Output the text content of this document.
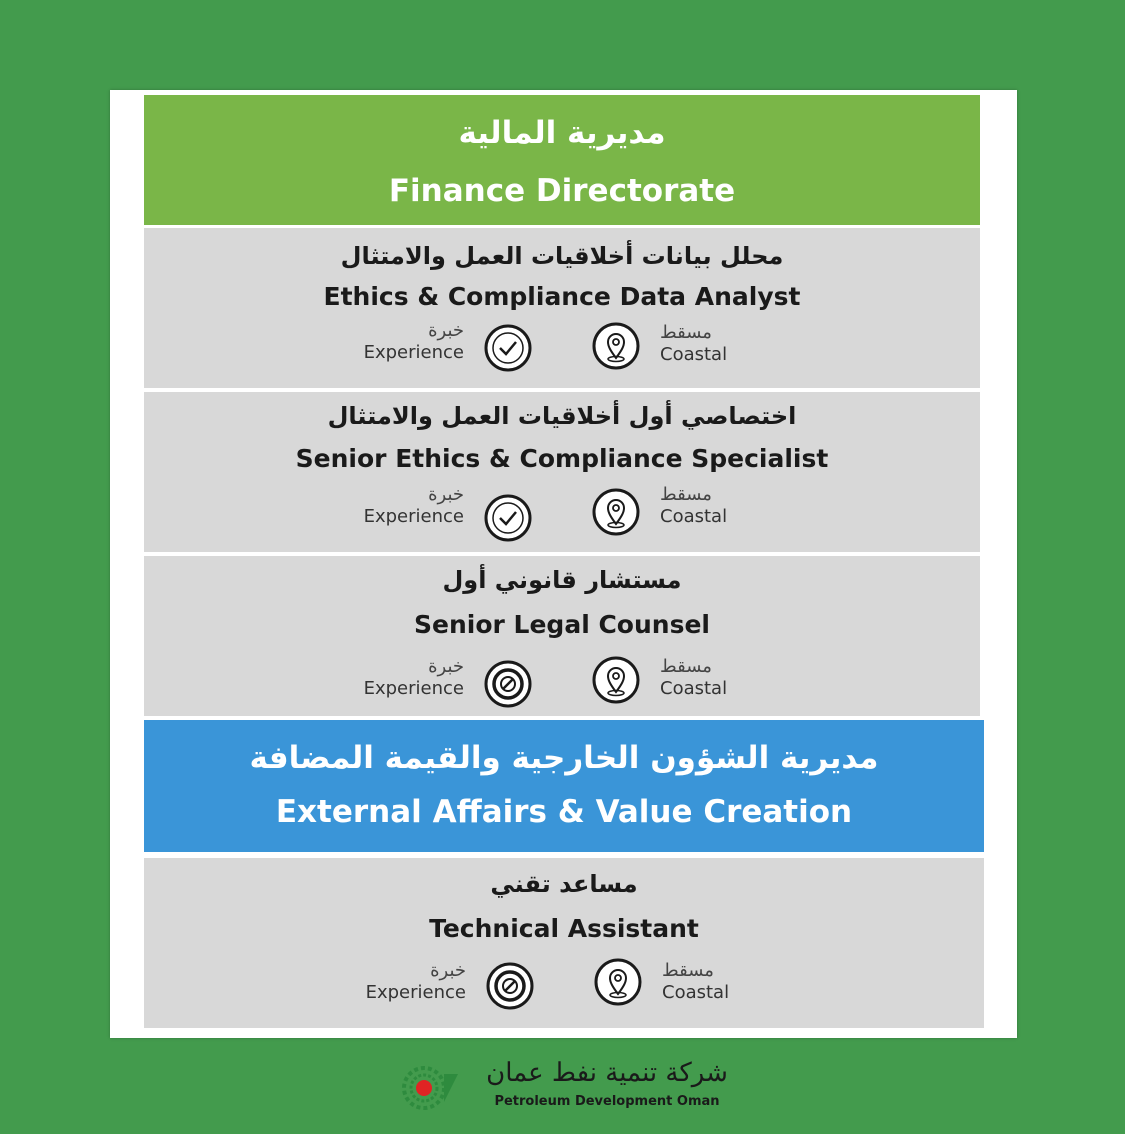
مديرية المالية
Finance Directorate
محلل بيانات أخلاقيات العمل والامتثال
Ethics & Compliance Data Analyst
خبرة
Experience
مسقط
Coastal
اختصاصي أول أخلاقيات العمل والامتثال
Senior Ethics & Compliance Specialist
خبرة
Experience
مسقط
Coastal
مستشار قانوني أول
Senior Legal Counsel
خبرة
Experience
مسقط
Coastal
مديرية الشؤون الخارجية والقيمة المضافة
External Affairs & Value Creation
مساعد تقني
Technical Assistant
خبرة
Experience
مسقط
Coastal
شركة تنمية نفط عمان
Petroleum Development Oman
